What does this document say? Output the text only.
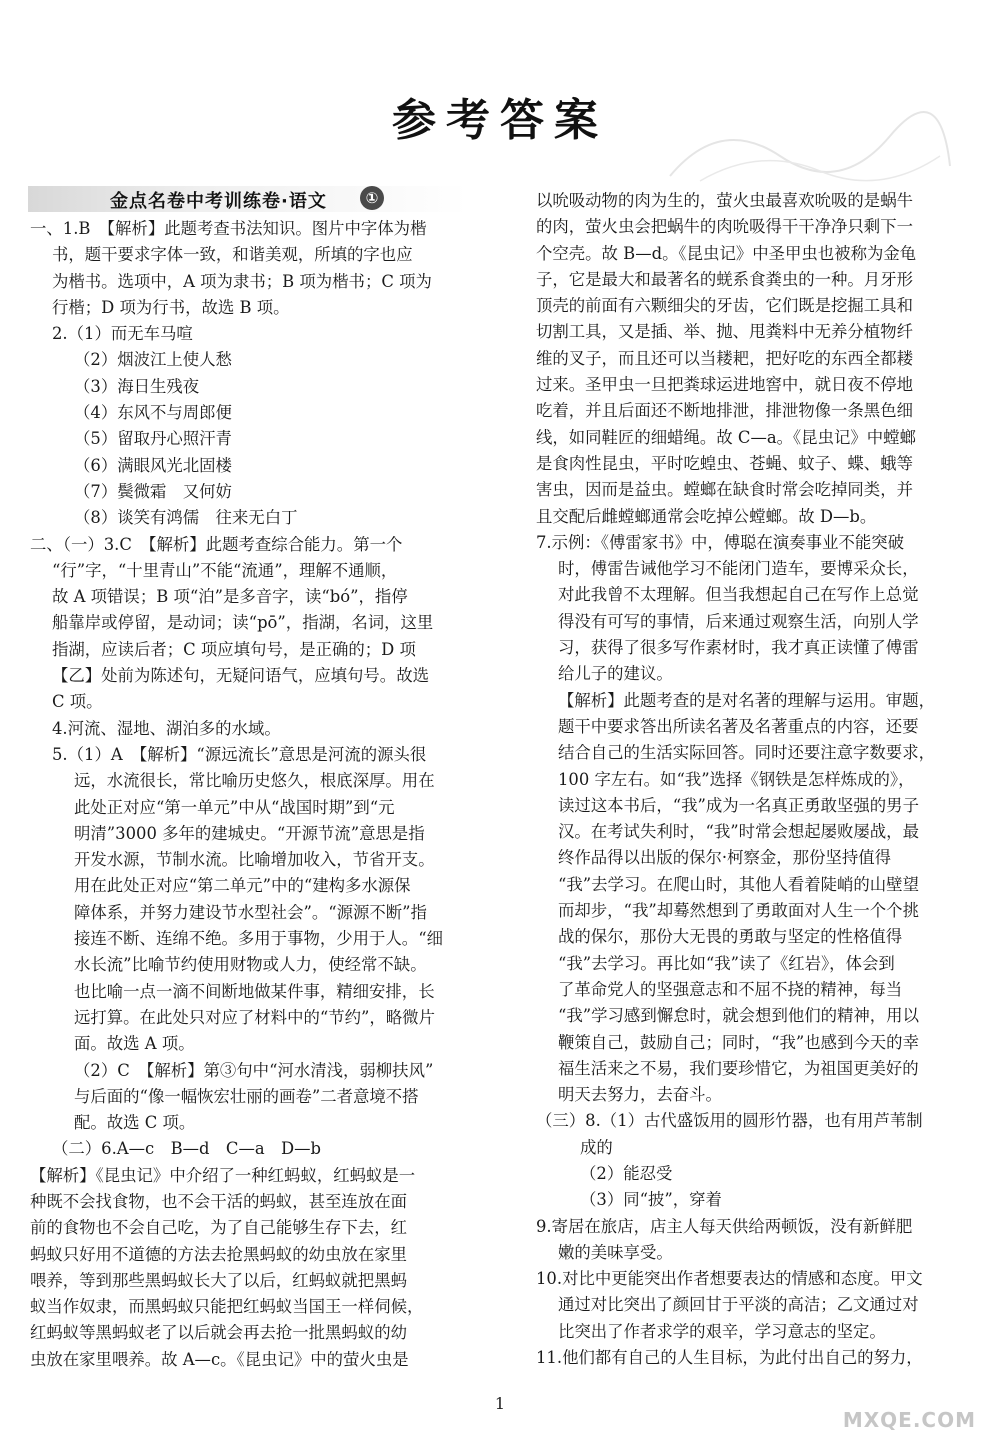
参考答案
金点名卷中考训练卷·语文	①
一、1.B　【解析】此题考查书法知识。图片中字体为楷
书，题干要求字体一致，和谐美观，所填的字也应
为楷书。选项中，A 项为隶书；B 项为楷书；C 项为
行楷；D 项为行书，故选 B 项。
2.（1）而无车马喧
（2）烟波江上使人愁
（3）海日生残夜
（4）东风不与周郎便
（5）留取丹心照汗青
（6）满眼风光北固楼
（7）鬓微霜　又何妨
（8）谈笑有鸿儒　往来无白丁
二、（一）3.C　【解析】此题考查综合能力。第一个
“行”字，“十里青山”不能“流通”，理解不通顺，
故 A 项错误；B 项“泊”是多音字，读“bó”，指停
船靠岸或停留，是动词；读“pō”，指湖，名词，这里
指湖，应读后者；C 项应填句号，是正确的；D 项
【乙】处前为陈述句，无疑问语气，应填句号。故选
C 项。
4.河流、湿地、湖泊多的水域。
5.（1）A　【解析】“源远流长”意思是河流的源头很
远，水流很长，常比喻历史悠久，根底深厚。用在
此处正对应“第一单元”中从“战国时期”到“元
明清”3000 多年的建城史。“开源节流”意思是指
开发水源，节制水流。比喻增加收入，节省开支。
用在此处正对应“第二单元”中的“建构多水源保
障体系，并努力建设节水型社会”。“源源不断”指
接连不断、连绵不绝。多用于事物，少用于人。“细
水长流”比喻节约使用财物或人力，使经常不缺。
也比喻一点一滴不间断地做某件事，精细安排，长
远打算。在此处只对应了材料中的“节约”，略微片
面。故选 A 项。
（2）C　【解析】第③句中“河水清浅，弱柳扶风”
与后面的“像一幅恢宏壮丽的画卷”二者意境不搭
配。故选 C 项。
（二）6.A—c　B—d　C—a　D—b
【解析】《昆虫记》中介绍了一种红蚂蚁，红蚂蚁是一
种既不会找食物，也不会干活的蚂蚁，甚至连放在面
前的食物也不会自己吃，为了自己能够生存下去，红
蚂蚁只好用不道德的方法去抢黑蚂蚁的幼虫放在家里
喂养，等到那些黑蚂蚁长大了以后，红蚂蚁就把黑蚂
蚁当作奴隶，而黑蚂蚁只能把红蚂蚁当国王一样伺候，
红蚂蚁等黑蚂蚁老了以后就会再去抢一批黑蚂蚁的幼
虫放在家里喂养。故 A—c。《昆虫记》中的萤火虫是
以吮吸动物的肉为生的，萤火虫最喜欢吮吸的是蜗牛
的肉，萤火虫会把蜗牛的肉吮吸得干干净净只剩下一
个空壳。故 B—d。《昆虫记》中圣甲虫也被称为金龟
子，它是最大和最著名的蜣系食粪虫的一种。月牙形
顶壳的前面有六颗细尖的牙齿，它们既是挖掘工具和
切割工具，又是插、举、抛、甩粪料中无养分植物纤
维的叉子，而且还可以当耧耙，把好吃的东西全都耧
过来。圣甲虫一旦把粪球运进地窖中，就日夜不停地
吃着，并且后面还不断地排泄，排泄物像一条黑色细
线，如同鞋匠的细蜡绳。故 C—a。《昆虫记》中螳螂
是食肉性昆虫，平时吃蝗虫、苍蝇、蚊子、蝶、蛾等
害虫，因而是益虫。螳螂在缺食时常会吃掉同类，并
且交配后雌螳螂通常会吃掉公螳螂。故 D—b。
7.示例：《傅雷家书》中，傅聪在演奏事业不能突破
时，傅雷告诫他学习不能闭门造车，要博采众长，
对此我曾不太理解。但当我想起自己在写作上总觉
得没有可写的事情，后来通过观察生活，向别人学
习，获得了很多写作素材时，我才真正读懂了傅雷
给儿子的建议。
【解析】此题考查的是对名著的理解与运用。审题，
题干中要求答出所读名著及名著重点的内容，还要
结合自己的生活实际回答。同时还要注意字数要求，
100 字左右。如“我”选择《钢铁是怎样炼成的》，
读过这本书后，“我”成为一名真正勇敢坚强的男子
汉。在考试失利时，“我”时常会想起屡败屡战，最
终作品得以出版的保尔·柯察金，那份坚持值得
“我”去学习。在爬山时，其他人看着陡峭的山壁望
而却步，“我”却蓦然想到了勇敢面对人生一个个挑
战的保尔，那份大无畏的勇敢与坚定的性格值得
“我”去学习。再比如“我”读了《红岩》，体会到
了革命党人的坚强意志和不屈不挠的精神，每当
“我”学习感到懈怠时，就会想到他们的精神，用以
鞭策自己，鼓励自己；同时，“我”也感到今天的幸
福生活来之不易，我们要珍惜它，为祖国更美好的
明天去努力，去奋斗。
（三）8.（1）古代盛饭用的圆形竹器，也有用芦苇制
成的
（2）能忍受
（3）同“披”，穿着
9.寄居在旅店，店主人每天供给两顿饭，没有新鲜肥
嫩的美味享受。
10.对比中更能突出作者想要表达的情感和态度。甲文
通过对比突出了颜回甘于平淡的高洁；乙文通过对
比突出了作者求学的艰辛，学习意志的坚定。
11.他们都有自己的人生目标，为此付出自己的努力，
1
MXQE.COM
